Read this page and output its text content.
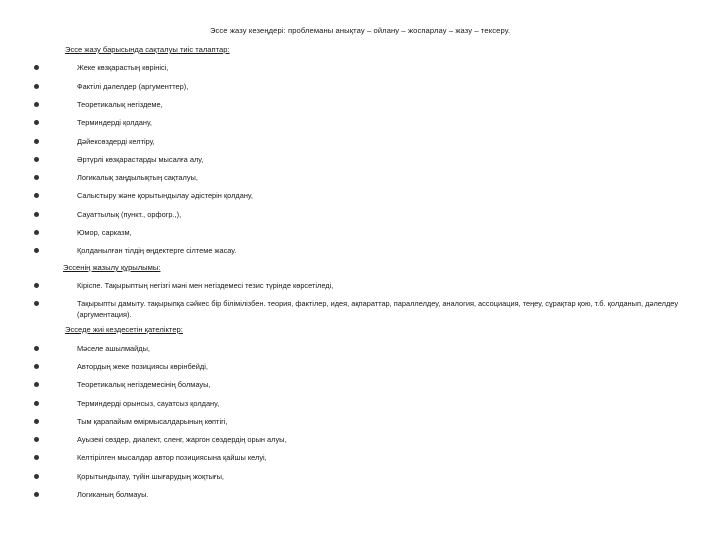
Эссе жазу кезеңдері: проблеманы анықтау – ойлану – жоспарлау – жазу – тексеру.
Эссе жазу барысында сақталуы тиіс талаптар:
Жеке көзқарастың көрінісі,
Фактілі дәлелдер (аргументтер),
Теоретикалық негіздеме,
Терминдерді қолдану,
Дәйексөздерді келтіру,
Әртүрлі көзқарастарды мысалға алу,
Логикалық заңдылықтың сақталуы,
Салыстыру және қорытындылау әдістерін қолдану,
Сауаттылық (пункт., орфогр.,),
Юмор, сарказм,
Қолданылған тілдің өңдектерге сілтеме жасау.
Эссенің жазылу құрылымы:
Кіріспе. Тақырыптың негізгі мәні мен негіздемесі тезис түрінде көрсетіледі,
Тақырыпты дамыту. тақырыпқа сәйкес бір білімілізбен. теория, фактілер, идея, ақпараттар, параллелдеу, аналогия, ассоциация, теңеу, сұрақтар қою, т.б. қолданып, дәлелдеу (аргументация).
Эсседе жиі кездесетін қателіктер:
Мәселе ашылмайды,
Автордың жеке позициясы көрінбейді,
Теоретикалық негіздемесінің болмауы,
Терминдерді орынсыз, сауатсыз қолдану,
Тым қарапайым өмірмысалдарының көптігі,
Ауызекі сөздер, диалект, сленг, жаргон сөздердің орын алуы,
Келтірілген мысалдар автор позициясына қайшы келуі,
Қорытындылау, түйін шығарудың жоқтығы,
Логиканың болмауы.
